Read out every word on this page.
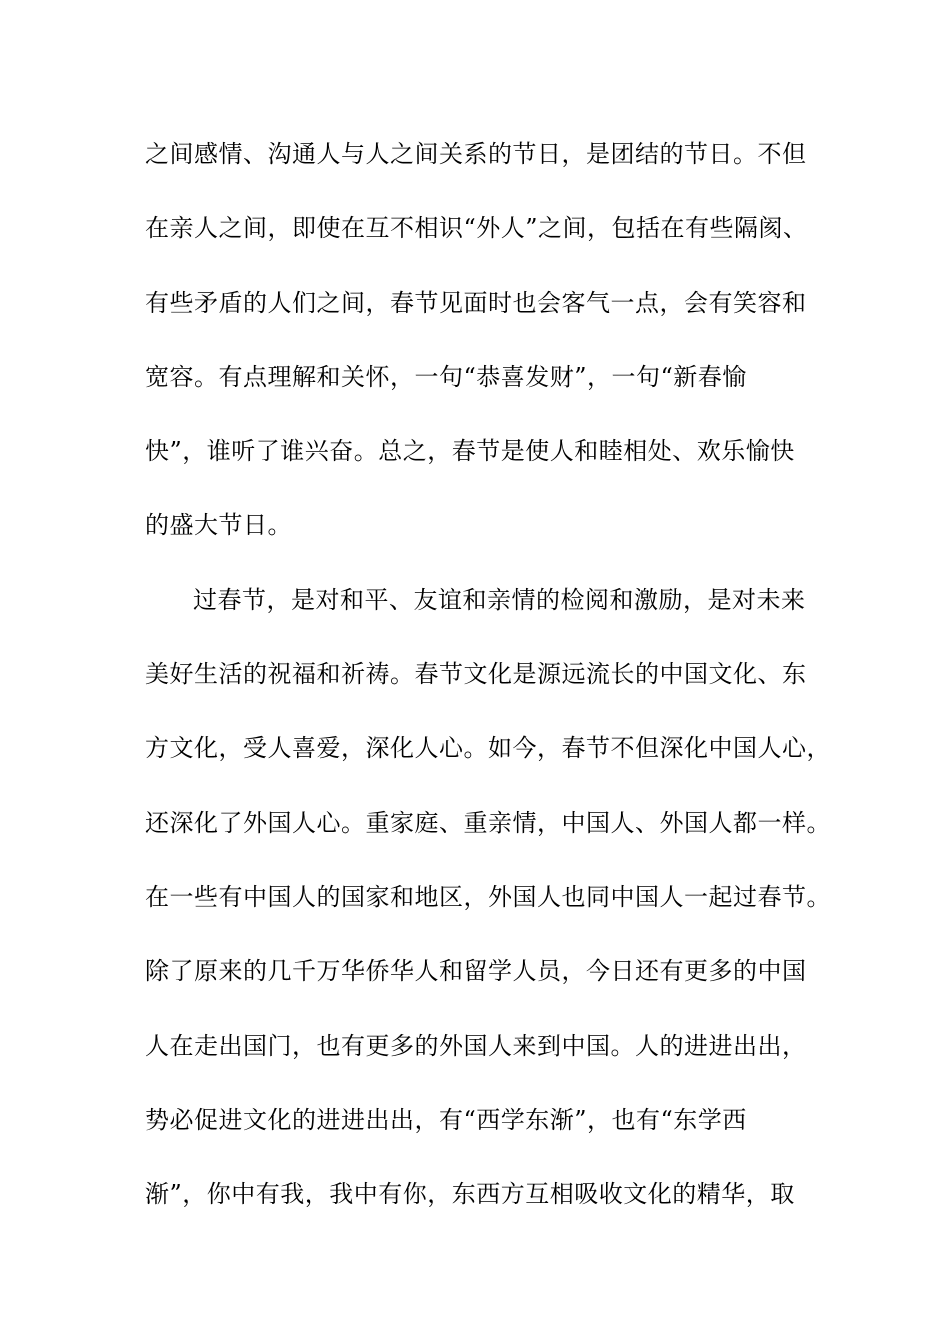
之间感情、沟通人与人之间关系的节日，是团结的节日。不但
在亲人之间，即使在互不相识“外人”之间，包括在有些隔阂、
有些矛盾的人们之间，春节见面时也会客气一点，会有笑容和
宽容。有点理解和关怀，一句“恭喜发财”，一句“新春愉
快”，谁听了谁兴奋。总之，春节是使人和睦相处、欢乐愉快
的盛大节日。
过春节，是对和平、友谊和亲情的检阅和激励，是对未来
美好生活的祝福和祈祷。春节文化是源远流长的中国文化、东
方文化，受人喜爱，深化人心。如今，春节不但深化中国人心，
还深化了外国人心。重家庭、重亲情，中国人、外国人都一样。
在一些有中国人的国家和地区，外国人也同中国人一起过春节。
除了原来的几千万华侨华人和留学人员，今日还有更多的中国
人在走出国门，也有更多的外国人来到中国。人的进进出出，
势必促进文化的进进出出，有“西学东渐”，也有“东学西
渐”，你中有我，我中有你，东西方互相吸收文化的精华，取
